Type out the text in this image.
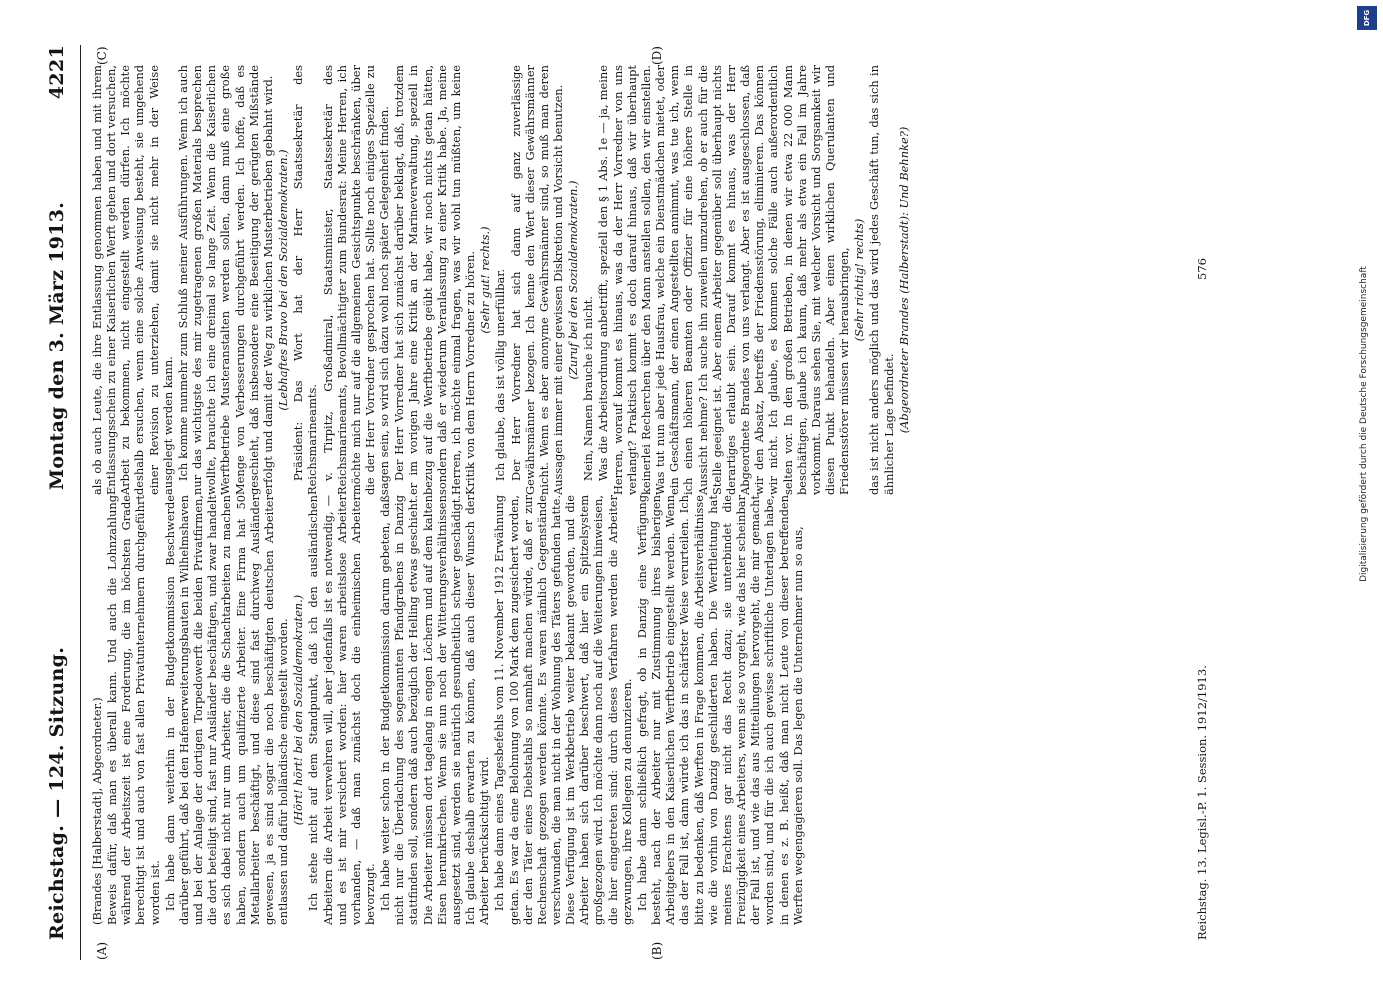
Reichstag. — 124. Sitzung.
Montag den 3. März 1913.
4221
(A)	(B)
(C)	(D)

(Brandes [Halberstadt], Abgeordneter.) Beweis dafür, daß man es überall kann. Und auch die Lohnzahlung während der Arbeitszeit ist eine Forderung, die im höchsten Grade berechtigt ist und auch von fast allen Privatunternehmern durchgeführt worden ist. Ich habe dann weiterhin in der Budgetkommission Beschwerde darüber geführt, daß bei den Hafenerweiterungsbauten in Wilhelmshaven und bei der Anlage der dortigen Torpedowerft die beiden Privatfirmen, die dort beteiligt sind, fast nur Ausländer beschäftigen, und zwar handelt es sich dabei nicht nur um Arbeiter, die die Schachtarbeiten zu machen haben, sondern auch um qualifizierte Arbeiter. Eine Firma hat 50 Metallarbeiter beschäftigt, und diese sind fast durchweg Ausländer gewesen, ja es sind sogar die noch beschäftigten deutschen Arbeiter entlassen und dafür holländische eingestellt worden. (Hört! hört! bei den Sozialdemokraten.) Ich stehe nicht auf dem Standpunkt, daß ich den ausländischen Arbeitern die Arbeit verwehren will, aber jedenfalls ist es notwendig, — und es ist mir versichert worden: hier waren arbeitslose Arbeiter vorhanden, — daß man zunächst doch die einheimischen Arbeiter bevorzugt. Ich habe weiter schon in der Budgetkommission darum gebeten, daß nicht nur die Überdachung des sogenannten Pfandgrabens in Danzig stattfinden soll, sondern daß auch bezüglich der Helling etwas geschieht. Die Arbeiter müssen dort tagelang in engen Löchern und auf dem kalten Eisen herumkriechen. Wenn sie nun noch der Witterungsverhältnissen ausgesetzt sind, werden sie natürlich gesundheitlich schwer geschädigt. Ich glaube deshalb erwarten zu können, daß auch dieser Wunsch der Arbeiter berücksichtigt wird. Ich habe dann eines Tagesbefehls vom 11. November 1912 Erwähnung getan. Es war da eine Belohnung von 100 Mark dem zugesichert worden, der den Täter eines Diebstahls so namhaft machen würde, daß er zur Rechenschaft gezogen werden könnte. Es waren nämlich Gegenstände verschwunden, die man nicht in der Wohnung des Täters gefunden hatte. Diese Verfügung ist im Werkbetrieb weiter bekannt geworden, und die Arbeiter haben sich darüber beschwert, daß hier ein Spitzelsystem großgezogen wird. Ich möchte dann noch auf die Weiterungen hinweisen, die hier eingetreten sind: durch dieses Verfahren werden die Arbeiter gezwungen, ihre Kollegen zu denunzieren. Ich habe dann schließlich gefragt, ob in Danzig eine Verfügung besteht, nach der Arbeiter nur mit Zustimmung ihres bisherigen Arbeitgebers in den Kaiserlichen Werftbetrieb eingestellt werden. Wenn das der Fall ist, dann würde ich das in schärfster Weise verurteilen. Ich bitte zu bedenken, daß Werften in Frage kommen, die Arbeitsverhältnisse wie die vorhin von Danzig geschilderten haben. Die Werftleitung hat meines Erachtens gar nicht das Recht dazu; sie unterbindet die Freizügigkeit eines Arbeiters, wenn sie so vorgeht, wie das hier scheinbar der Fall ist, und wie das aus Mitteilungen hervorgeht, die mir gemacht worden sind, und für die ich auch gewisse schriftliche Unterlagen habe, in denen es z. B. heißt, daß man nicht Leute von dieser betreffenden Werften wegengagieren soll. Das legen die Unternehmer nun so aus,

als ob auch Leute, die ihre Entlassung genommen haben und mit ihrem Entlassungsschein zu einer Kaiserlichen Werft gehen und dort versuchen, Arbeit zu bekommen, nicht eingestellt werden dürfen. Ich möchte deshalb ersuchen, wenn eine solche Anweisung besteht, sie umgehend einer Revision zu unterziehen, damit sie nicht mehr in der Weise ausgelegt werden kann. Ich komme nunmehr zum Schluß meiner Ausführungen. Wenn ich auch nur das wichtigste des mir zugetragenen großen Materials besprechen wollte, brauchte ich eine dreimal so lange Zeit. Wenn die Kaiserlichen Werftbetriebe Musteranstalten werden sollen, dann muß eine große Menge von Verbesserungen durchgeführt werden. Ich hoffe, daß es geschieht, daß insbesondere eine Beseitigung der gerügten Mißstände erfolgt und damit der Weg zu wirklichen Musterbetrieben gebahnt wird. (Lebhaftes Bravo bei den Sozialdemokraten.) Präsident: Das Wort hat der Herr Staatssekretär des Reichsmarineamts. v. Tirpitz, Großadmiral, Staatsminister, Staatssekretär des Reichsmarineamts, Bevollmächtigter zum Bundesrat: Meine Herren, ich möchte mich nur auf die allgemeinen Gesichtspunkte beschränken, über die der Herr Vorredner gesprochen hat. Sollte noch einiges Spezielle zu sagen sein, so wird sich dazu wohl noch später Gelegenheit finden. Der Herr Vorredner hat sich zunächst darüber beklagt, daß, trotzdem er im vorigen Jahre eine Kritik an der Marineverwaltung, speziell in bezug auf die Werftbetriebe geübt habe, wir noch nichts getan hätten, sondern daß er wiederum Veranlassung zu einer Kritik habe. Ja, meine Herren, ich möchte einmal fragen, was wir wohl tun müßten, um keine Kritik von dem Herrn Vorredner zu hören. (Sehr gut! rechts.) Ich glaube, das ist völlig unerfüllbar. Der Herr Vorredner hat sich dann auf ganz zuverlässige Gewährsmänner bezogen. Ich kenne den Wert dieser Gewährsmänner nicht. Wenn es aber anonyme Gewährsmänner sind, so muß man deren Aussagen immer mit einer gewissen Diskretion und Vorsicht benutzen. (Zuruf bei den Sozialdemokraten.)

Nein, Namen brauche ich nicht. Was die Arbeitsordnung anbetrifft, speziell den § 1 Abs. 1e — ja, meine Herren, worauf kommt es hinaus, was da der Herr Vorredner von uns verlangt? Praktisch kommt es doch darauf hinaus, daß wir überhaupt keinerlei Recherchen über den Mann anstellen sollen, den wir einstellen. Was tut nun aber jede Hausfrau, welche ein Dienstmädchen mietet, oder ein Geschäftsmann, der einen Angestellten annimmt, was tue ich, wenn ich einen höheren Beamten oder Offizier für eine höhere Stelle in Aussicht nehme? Ich suche ihn zuweilen umzudrehen, ob er auch für die Stelle geeignet ist. Aber einem Arbeiter gegenüber soll überhaupt nichts derartiges erlaubt sein. Darauf kommt es hinaus, was der Herr Abgeordnete Brandes von uns verlangt. Aber es ist ausgeschlossen, daß wir den Absatz, betreffs der Friedensstörung, eliminieren. Das können wir nicht. Ich glaube, es kommen solche Fälle auch außerordentlich selten vor. In den großen Betrieben, in denen wir etwa 22 000 Mann beschäftigen, glaube ich kaum, daß mehr als etwa ein Fall im Jahre vorkommt. Daraus sehen Sie, mit welcher Vorsicht und Sorgsamkeit wir diesen Punkt behandeln. Aber einen wirklichen Querulanten und Friedensstörer müssen wir herausbringen, (Sehr richtig! rechts) das ist nicht anders möglich und das wird jedes Geschäft tun, das sich in ähnlicher Lage befindet. (Abgeordneter Brandes (Halberstadt): Und Behnke?)

Reichstag. 13. Legisl.-P. 1. Session. 1912/1913.
576
DFG
Digitalisierung gefördert durch die Deutsche Forschungsgemeinschaft
